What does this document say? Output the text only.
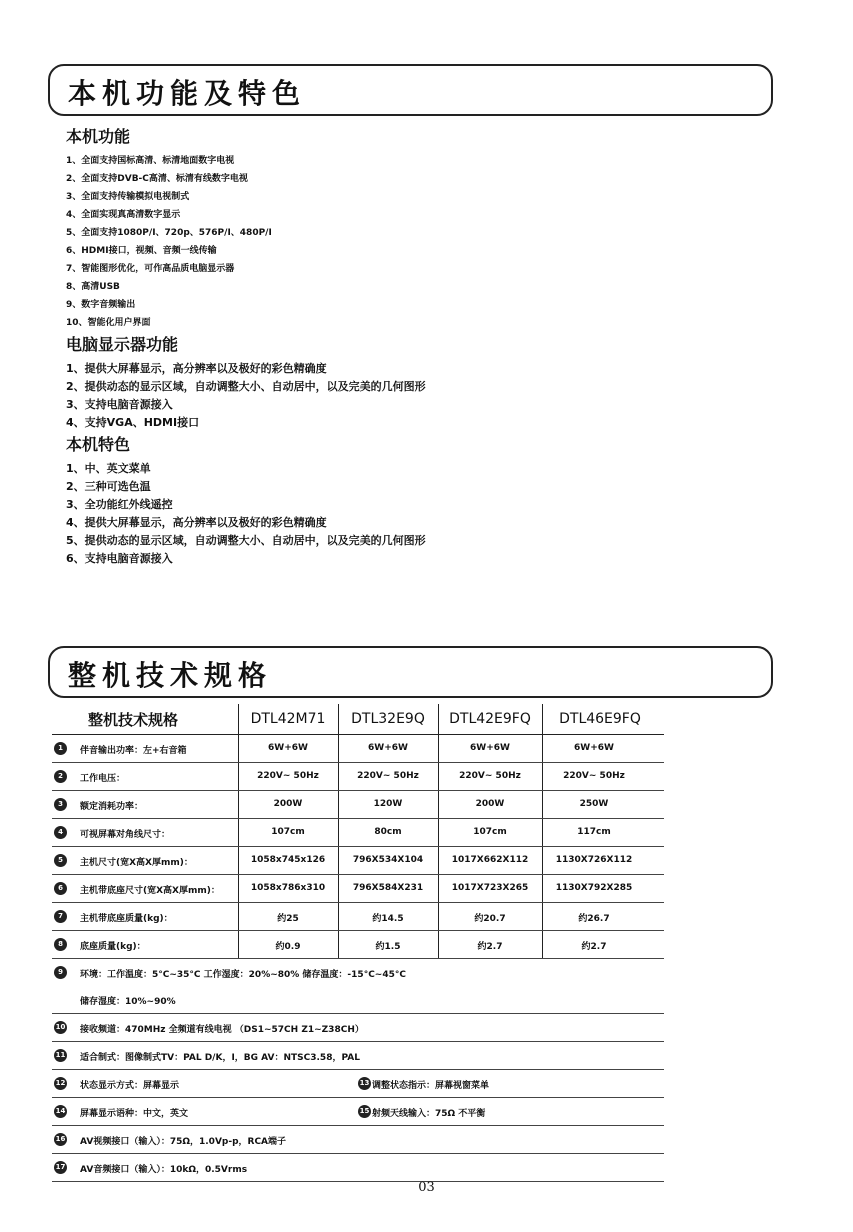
本机功能及特色
本机功能
1、全面支持国标高清、标清地面数字电视
2、全面支持DVB-C高清、标清有线数字电视
3、全面支持传输模拟电视制式
4、全面实现真高清数字显示
5、全面支持1080P/I、720p、576P/I、480P/I
6、HDMI接口，视频、音频一线传输
7、智能图形优化，可作高品质电脑显示器
8、高清USB
9、数字音频输出
10、智能化用户界面
电脑显示器功能
1、提供大屏幕显示，高分辨率以及极好的彩色精确度
2、提供动态的显示区域，自动调整大小、自动居中，以及完美的几何图形
3、支持电脑音源接入
4、支持VGA、HDMI接口
本机特色
1、中、英文菜单
2、三种可选色温
3、全功能红外线遥控
4、提供大屏幕显示，高分辨率以及极好的彩色精确度
5、提供动态的显示区域，自动调整大小、自动居中，以及完美的几何图形
6、支持电脑音源接入
整机技术规格
整机技术规格	DTL42M71	DTL32E9Q	DTL42E9FQ	DTL46E9FQ
1	伴音输出功率：左+右音箱	6W+6W	6W+6W	6W+6W	6W+6W
2	工作电压：	220V~ 50Hz	220V~ 50Hz	220V~ 50Hz	220V~ 50Hz
3	额定消耗功率：	200W	120W	200W	250W
4	可视屏幕对角线尺寸：	107cm	80cm	107cm	117cm
5	主机尺寸(宽X高X厚mm)：	1058x745x126	796X534X104	1017X662X112	1130X726X112
6	主机带底座尺寸(宽X高X厚mm)：	1058x786x310	796X584X231	1017X723X265	1130X792X285
7	主机带底座质量(kg)：	约25	约14.5	约20.7	约26.7
8	底座质量(kg)：	约0.9	约1.5	约2.7	约2.7
9	环境：工作温度：5°C~35°C 工作湿度：20%~80% 储存温度：-15°C~45°C
储存湿度：10%~90%
10 接收频道：470MHz 全频道有线电视 （DS1~57CH Z1~Z38CH）
11 适合制式：图像制式TV：PAL D/K，I，BG AV：NTSC3.58，PAL
12 状态显示方式：屏幕显示	13 调整状态指示：屏幕视窗菜单
14 屏幕显示语种：中文，英文	15 射频天线输入：75Ω 不平衡
16 AV视频接口（输入）：75Ω，1.0Vp-p，RCA端子
17 AV音频接口（输入）：10kΩ，0.5Vrms
03
